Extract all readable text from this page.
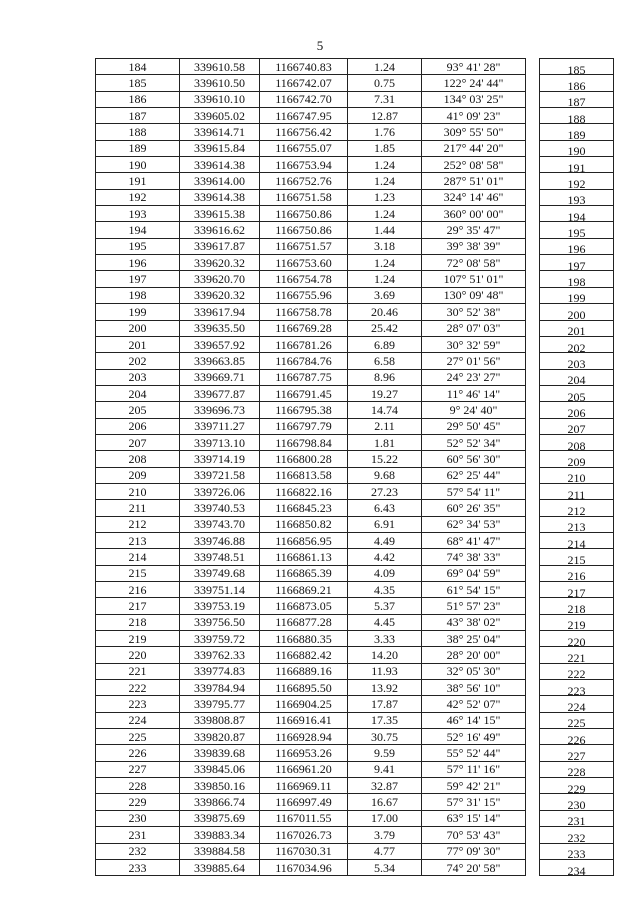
5
184	339610.58	1166740.83	1.24	93° 41' 28"		185
185	339610.50	1166742.07	0.75	122° 24' 44"		186
186	339610.10	1166742.70	7.31	134° 03' 25"		187
187	339605.02	1166747.95	12.87	41° 09' 23"		188
188	339614.71	1166756.42	1.76	309° 55' 50"		189
189	339615.84	1166755.07	1.85	217° 44' 20"		190
190	339614.38	1166753.94	1.24	252° 08' 58"		191
191	339614.00	1166752.76	1.24	287° 51' 01"		192
192	339614.38	1166751.58	1.23	324° 14' 46"		193
193	339615.38	1166750.86	1.24	360° 00' 00"		194
194	339616.62	1166750.86	1.44	29° 35' 47"		195
195	339617.87	1166751.57	3.18	39° 38' 39"		196
196	339620.32	1166753.60	1.24	72° 08' 58"		197
197	339620.70	1166754.78	1.24	107° 51' 01"		198
198	339620.32	1166755.96	3.69	130° 09' 48"		199
199	339617.94	1166758.78	20.46	30° 52' 38"		200
200	339635.50	1166769.28	25.42	28° 07' 03"		201
201	339657.92	1166781.26	6.89	30° 32' 59"		202
202	339663.85	1166784.76	6.58	27° 01' 56"		203
203	339669.71	1166787.75	8.96	24° 23' 27"		204
204	339677.87	1166791.45	19.27	11° 46' 14"		205
205	339696.73	1166795.38	14.74	9° 24' 40"		206
206	339711.27	1166797.79	2.11	29° 50' 45"		207
207	339713.10	1166798.84	1.81	52° 52' 34"		208
208	339714.19	1166800.28	15.22	60° 56' 30"		209
209	339721.58	1166813.58	9.68	62° 25' 44"		210
210	339726.06	1166822.16	27.23	57° 54' 11"		211
211	339740.53	1166845.23	6.43	60° 26' 35"		212
212	339743.70	1166850.82	6.91	62° 34' 53"		213
213	339746.88	1166856.95	4.49	68° 41' 47"		214
214	339748.51	1166861.13	4.42	74° 38' 33"		215
215	339749.68	1166865.39	4.09	69° 04' 59"		216
216	339751.14	1166869.21	4.35	61° 54' 15"		217
217	339753.19	1166873.05	5.37	51° 57' 23"		218
218	339756.50	1166877.28	4.45	43° 38' 02"		219
219	339759.72	1166880.35	3.33	38° 25' 04"		220
220	339762.33	1166882.42	14.20	28° 20' 00"		221
221	339774.83	1166889.16	11.93	32° 05' 30"		222
222	339784.94	1166895.50	13.92	38° 56' 10"		223
223	339795.77	1166904.25	17.87	42° 52' 07"		224
224	339808.87	1166916.41	17.35	46° 14' 15"		225
225	339820.87	1166928.94	30.75	52° 16' 49"		226
226	339839.68	1166953.26	9.59	55° 52' 44"		227
227	339845.06	1166961.20	9.41	57° 11' 16"		228
228	339850.16	1166969.11	32.87	59° 42' 21"		229
229	339866.74	1166997.49	16.67	57° 31' 15"		230
230	339875.69	1167011.55	17.00	63° 15' 14"		231
231	339883.34	1167026.73	3.79	70° 53' 43"		232
232	339884.58	1167030.31	4.77	77° 09' 30"		233
233	339885.64	1167034.96	5.34	74° 20' 58"		234
